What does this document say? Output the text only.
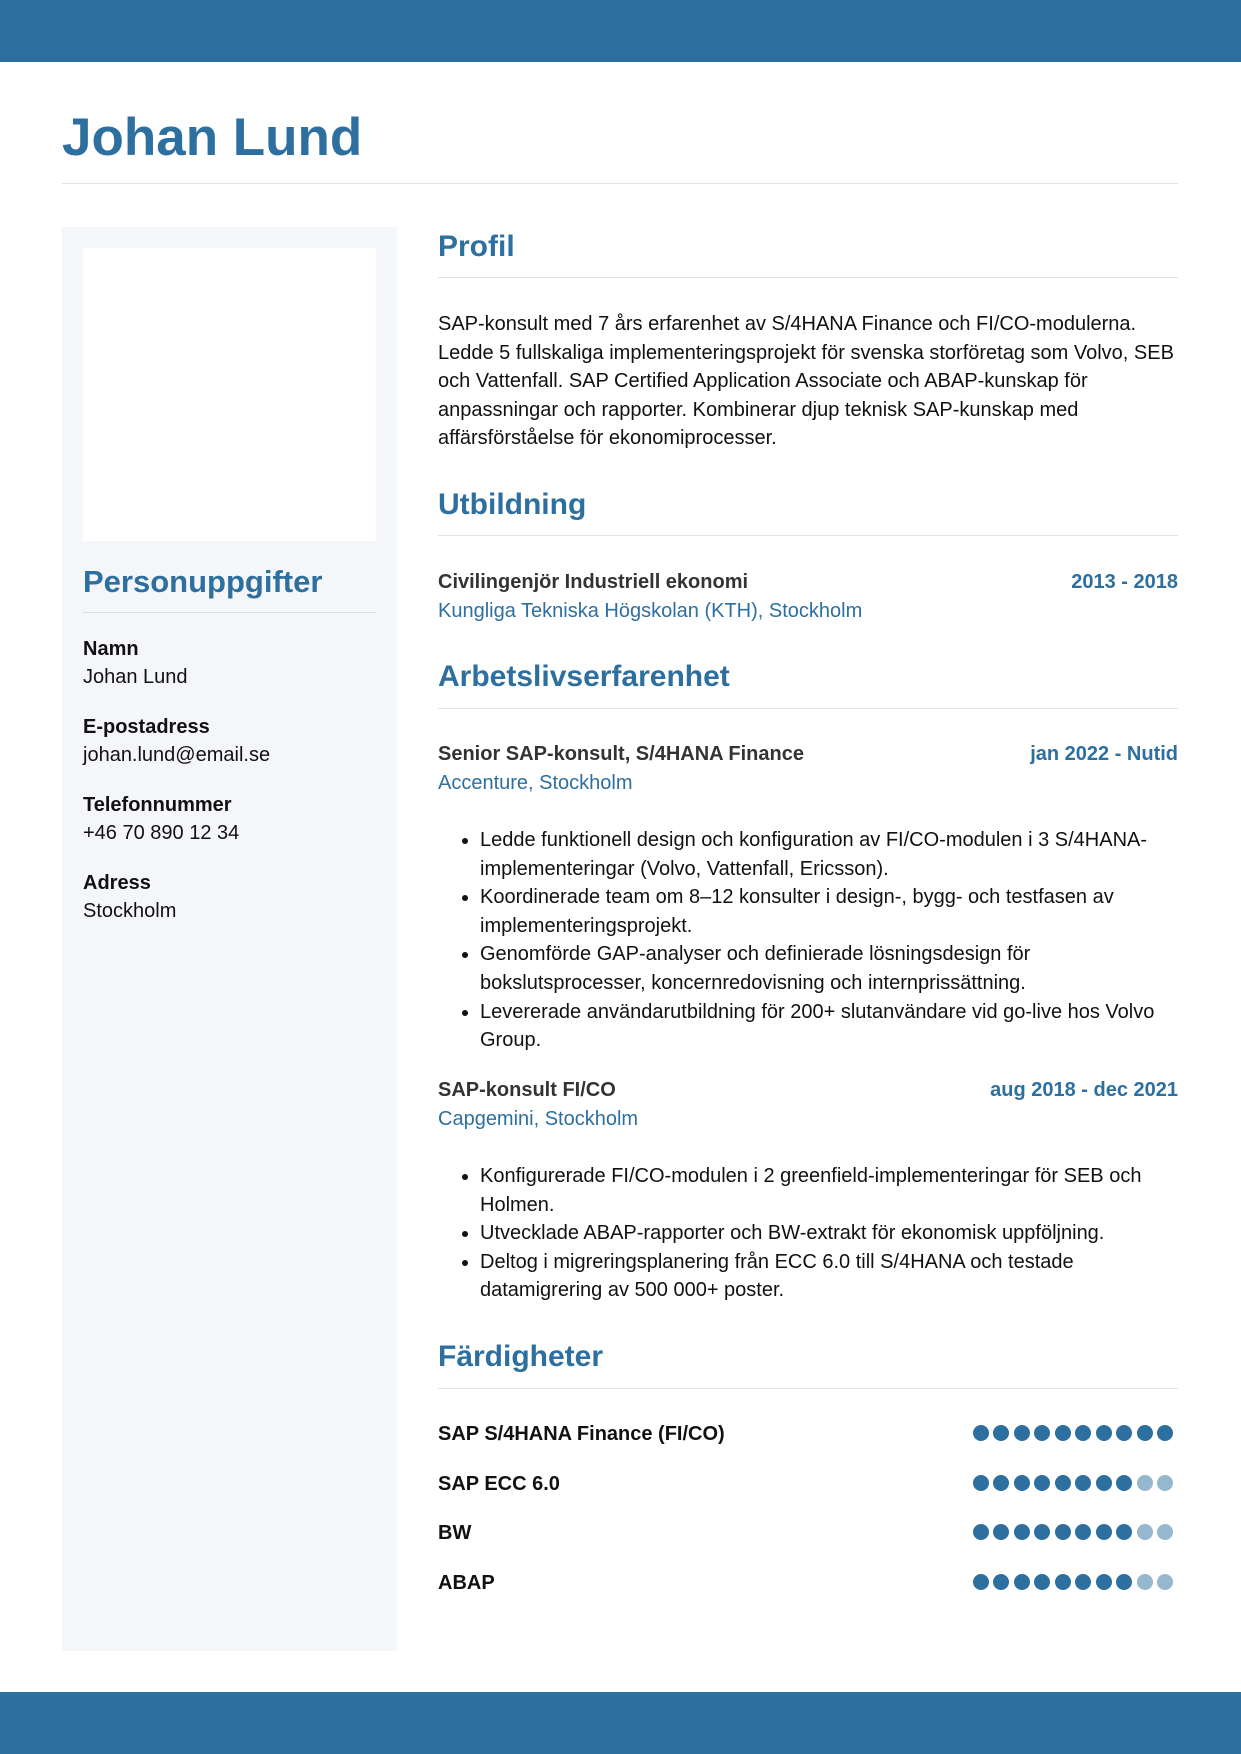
Johan Lund
Personuppgifter
Namn
Johan Lund
E-postadress
johan.lund@email.se
Telefonnummer
+46 70 890 12 34
Adress
Stockholm
Profil

SAP-konsult med 7 års erfarenhet av S/4HANA Finance och FI/CO-modulerna. Ledde 5 fullskaliga implementeringsprojekt för svenska storföretag som Volvo, SEB och Vattenfall. SAP Certified Application Associate och ABAP-kunskap för anpassningar och rapporter. Kombinerar djup teknisk SAP-kunskap med affärsförståelse för ekonomiprocesser.

Utbildning
Civilingenjör Industriell ekonomi	2013 - 2018
Kungliga Tekniska Högskolan (KTH), Stockholm
Arbetslivserfarenhet
Senior SAP-konsult, S/4HANA Finance	jan 2022 - Nutid
Accenture, Stockholm
• Ledde funktionell design och konfiguration av FI/CO-modulen i 3 S/4HANA-implementeringar (Volvo, Vattenfall, Ericsson).
• Koordinerade team om 8–12 konsulter i design-, bygg- och testfasen av implementeringsprojekt.
• Genomförde GAP-analyser och definierade lösningsdesign för bokslutsprocesser, koncernredovisning och internprissättning.
• Levererade användarutbildning för 200+ slutanvändare vid go-live hos Volvo Group.
SAP-konsult FI/CO	aug 2018 - dec 2021
Capgemini, Stockholm
• Konfigurerade FI/CO-modulen i 2 greenfield-implementeringar för SEB och Holmen.
• Utvecklade ABAP-rapporter och BW-extrakt för ekonomisk uppföljning.
• Deltog i migreringsplanering från ECC 6.0 till S/4HANA och testade datamigrering av 500 000+ poster.
Färdigheter
SAP S/4HANA Finance (FI/CO)
SAP ECC 6.0
BW
ABAP
